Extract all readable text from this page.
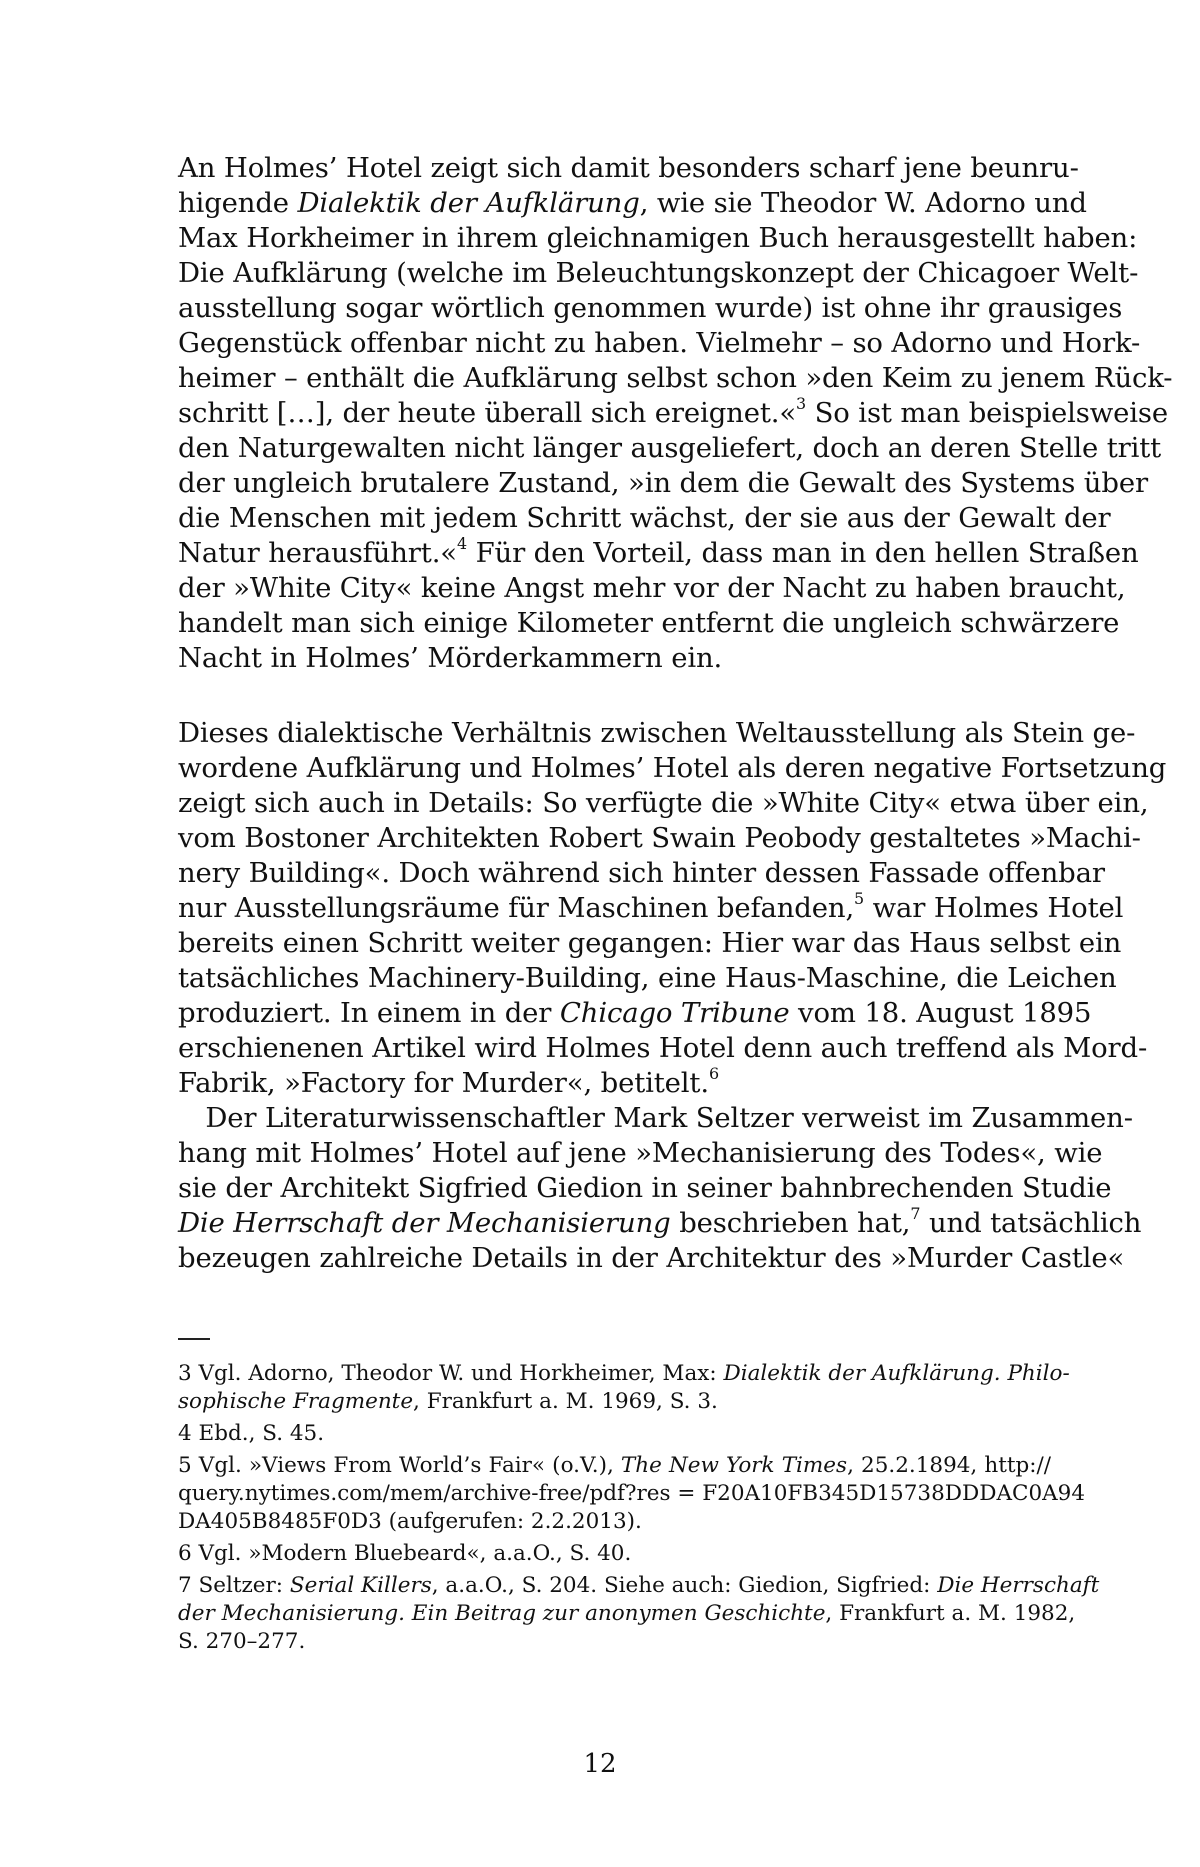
An Holmes’ Hotel zeigt sich damit besonders scharf jene beunru-
higende Dialektik der Aufklärung, wie sie Theodor W. Adorno und
Max Horkheimer in ihrem gleichnamigen Buch herausgestellt haben:
Die Aufklärung (welche im Beleuchtungskonzept der Chicagoer Welt-
ausstellung sogar wörtlich genommen wurde) ist ohne ihr grausiges
Gegenstück offenbar nicht zu haben. Vielmehr – so Adorno und Hork-
heimer – enthält die Aufklärung selbst schon »den Keim zu jenem Rück-
schritt […], der heute überall sich ereignet.«$^3$ So ist man beispielsweise
den Naturgewalten nicht länger ausgeliefert, doch an deren Stelle tritt
der ungleich brutalere Zustand, »in dem die Gewalt des Systems über
die Menschen mit jedem Schritt wächst, der sie aus der Gewalt der
Natur herausführt.«$^4$ Für den Vorteil, dass man in den hellen Straßen
der »White City« keine Angst mehr vor der Nacht zu haben braucht,
handelt man sich einige Kilometer entfernt die ungleich schwärzere
Nacht in Holmes’ Mörderkammern ein.
Dieses dialektische Verhältnis zwischen Weltausstellung als Stein ge-
wordene Aufklärung und Holmes’ Hotel als deren negative Fortsetzung
zeigt sich auch in Details: So verfügte die »White City« etwa über ein,
vom Bostoner Architekten Robert Swain Peobody gestaltetes »Machi-
nery Building«. Doch während sich hinter dessen Fassade offenbar
nur Ausstellungsräume für Maschinen befanden,$^5$ war Holmes Hotel
bereits einen Schritt weiter gegangen: Hier war das Haus selbst ein
tatsächliches Machinery-Building, eine Haus-Maschine, die Leichen
produziert. In einem in der Chicago Tribune vom 18. August 1895
erschienenen Artikel wird Holmes Hotel denn auch treffend als Mord-
Fabrik, »Factory for Murder«, betitelt.$^6$
 Der Literaturwissenschaftler Mark Seltzer verweist im Zusammen-
hang mit Holmes’ Hotel auf jene »Mechanisierung des Todes«, wie
sie der Architekt Sigfried Giedion in seiner bahnbrechenden Studie
Die Herrschaft der Mechanisierung beschrieben hat,$^7$ und tatsächlich
bezeugen zahlreiche Details in der Architektur des »Murder Castle«
3 Vgl. Adorno, Theodor W. und Horkheimer, Max: Dialektik der Aufklärung. Philo-
sophische Fragmente, Frankfurt a. M. 1969, S. 3.
4 Ebd., S. 45.
5 Vgl. »Views From World’s Fair« (o.V.), The New York Times, 25.2.1894, http://
query.nytimes.com/mem/archive-free/pdf?res = F20A10FB345D15738DDDAC0A94
DA405B8485F0D3 (aufgerufen: 2.2.2013).
6 Vgl. »Modern Bluebeard«, a.a.O., S. 40.
7 Seltzer: Serial Killers, a.a.O., S. 204. Siehe auch: Giedion, Sigfried: Die Herrschaft
der Mechanisierung. Ein Beitrag zur anonymen Geschichte, Frankfurt a. M. 1982,
S. 270–277.
12
